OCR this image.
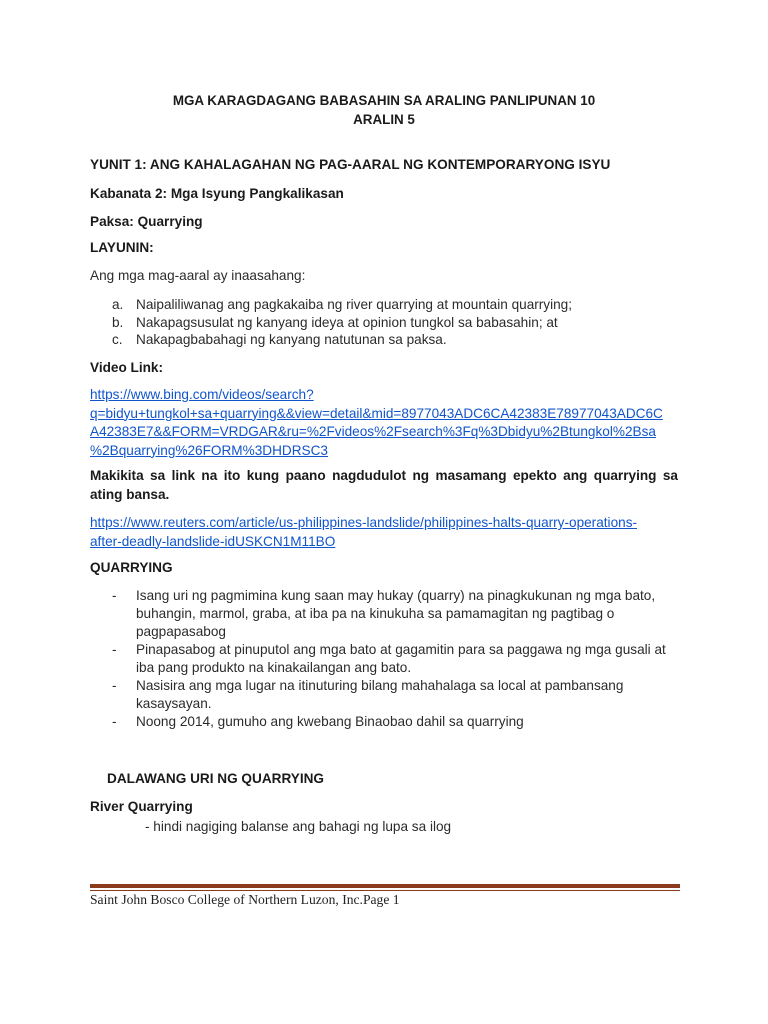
MGA KARAGDAGANG BABASAHIN SA ARALING PANLIPUNAN 10
ARALIN 5
YUNIT 1: ANG KAHALAGAHAN NG PAG-AARAL NG KONTEMPORARYONG ISYU
Kabanata 2: Mga Isyung Pangkalikasan
Paksa: Quarrying
LAYUNIN:
Ang mga mag-aaral ay inaasahang:
a. Naipaliliwanag ang pagkakaiba ng river quarrying at mountain quarrying;
b. Nakapagsusulat ng kanyang ideya at opinion tungkol sa babasahin; at
c. Nakapagbabahagi ng kanyang natutunan sa paksa.
Video Link:
https://www.bing.com/videos/search?
q=bidyu+tungkol+sa+quarrying&&view=detail&mid=8977043ADC6CA42383E78977043ADC6C
A42383E7&&FORM=VRDGAR&ru=%2Fvideos%2Fsearch%3Fq%3Dbidyu%2Btungkol%2Bsa
%2Bquarrying%26FORM%3DHDRSC3
Makikita sa link na ito kung paano nagdudulot ng masamang epekto ang quarrying sa
ating bansa.
https://www.reuters.com/article/us-philippines-landslide/philippines-halts-quarry-operations-
after-deadly-landslide-idUSKCN1M11BO
QUARRYING
- Isang uri ng pagmimina kung saan may hukay (quarry) na pinagkukunan ng mga bato,
buhangin, marmol, graba, at iba pa na kinukuha sa pamamagitan ng pagtibag o
pagpapasabog
- Pinapasabog at pinuputol ang mga bato at gagamitin para sa paggawa ng mga gusali at
iba pang produkto na kinakailangan ang bato.
- Nasisira ang mga lugar na itinuturing bilang mahahalaga sa local at pambansang
kasaysayan.
- Noong 2014, gumuho ang kwebang Binaobao dahil sa quarrying
DALAWANG URI NG QUARRYING
River Quarrying
- hindi nagiging balanse ang bahagi ng lupa sa ilog
Saint John Bosco College of Northern Luzon, Inc.Page 1
